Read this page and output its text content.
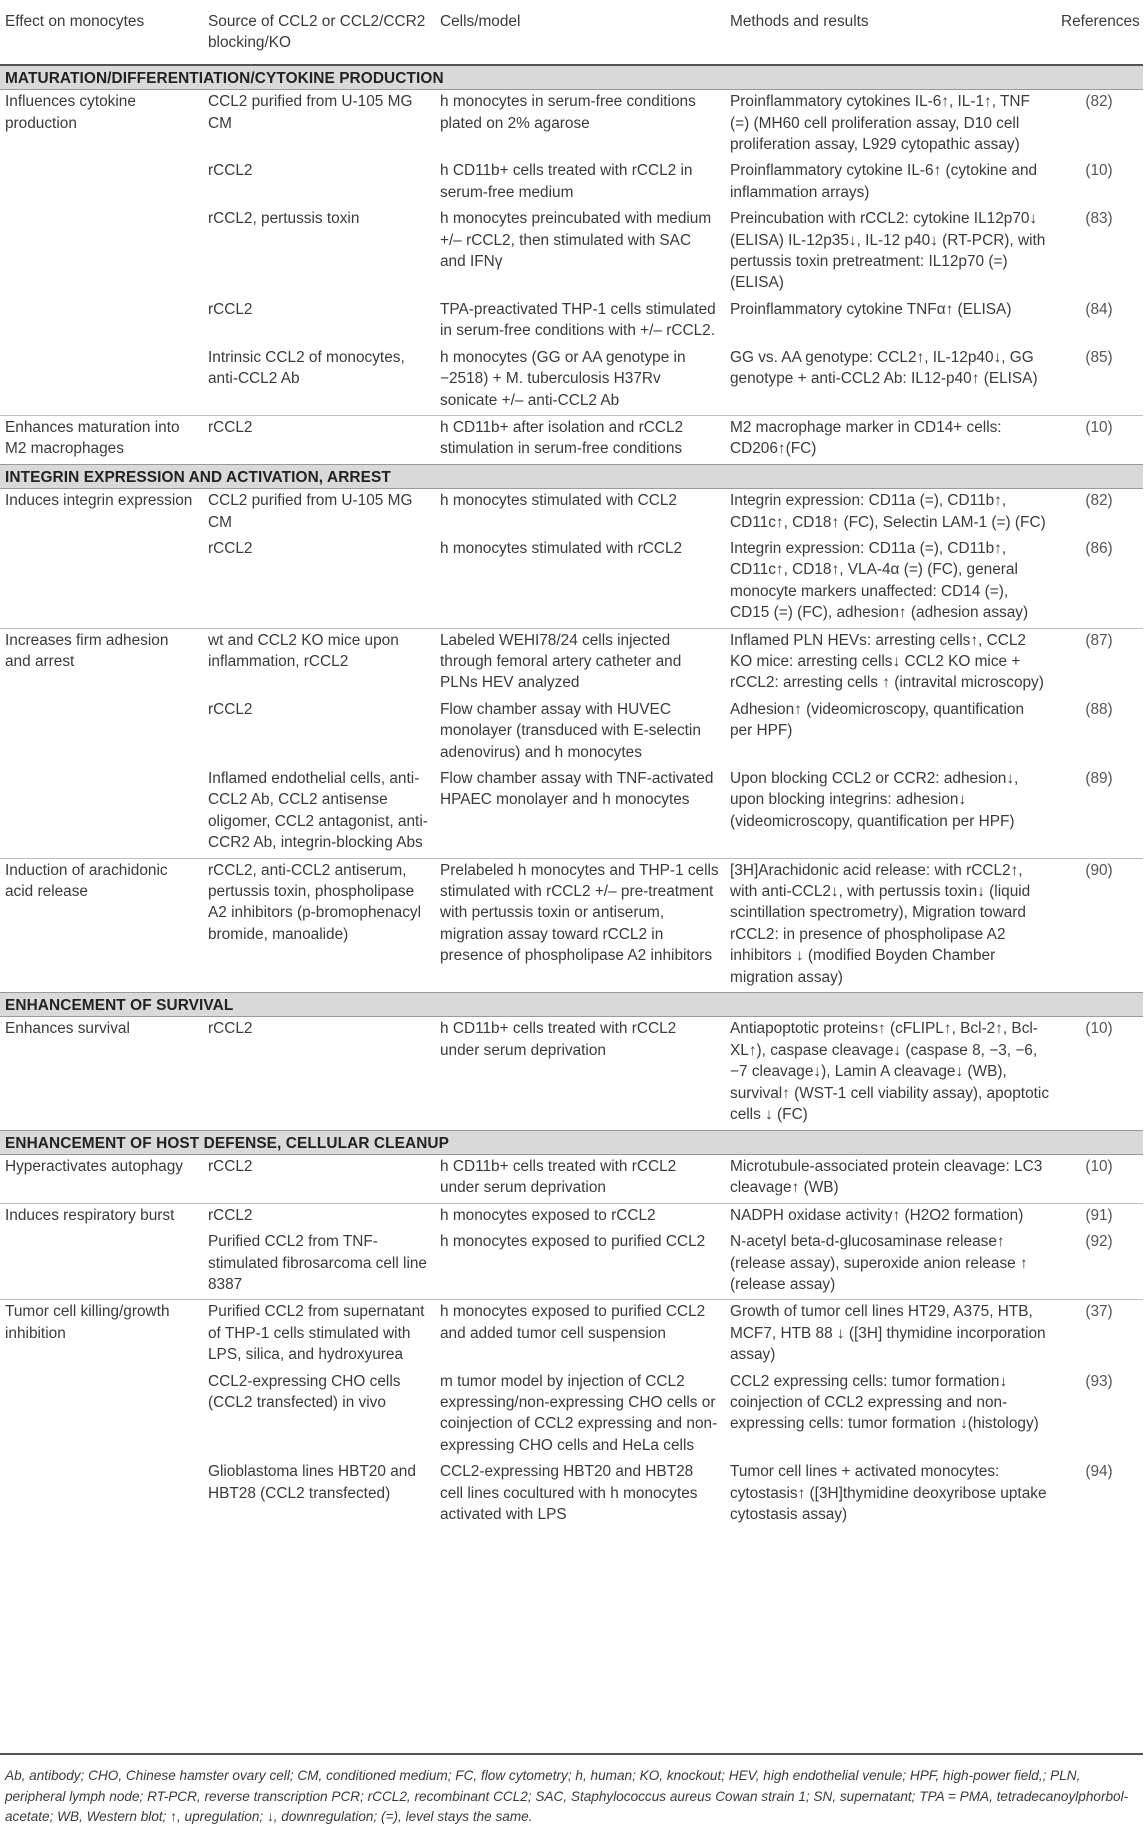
Effect on monocytes	Source of CCL2 or CCL2/CCR2 blocking/KO	Cells/model	Methods and results	References
MATURATION/DIFFERENTIATION/CYTOKINE PRODUCTION				
Influences cytokine production	CCL2 purified from U-105 MG CM	h monocytes in serum-free conditions plated on 2% agarose	Proinflammatory cytokines IL-6↑, IL-1↑, TNF (=) (MH60 cell proliferation assay, D10 cell proliferation assay, L929 cytopathic assay)	(82)
	rCCL2	h CD11b+ cells treated with rCCL2 in serum-free medium	Proinflammatory cytokine IL-6↑ (cytokine and inflammation arrays)	(10)
	rCCL2, pertussis toxin	h monocytes preincubated with medium +/– rCCL2, then stimulated with SAC and IFNγ	Preincubation with rCCL2: cytokine IL12p70↓ (ELISA) IL-12p35↓, IL-12 p40↓ (RT-PCR), with pertussis toxin pretreatment: IL12p70 (=) (ELISA)	(83)
	rCCL2	TPA-preactivated THP-1 cells stimulated in serum-free conditions with +/– rCCL2.	Proinflammatory cytokine TNFα↑ (ELISA)	(84)
	Intrinsic CCL2 of monocytes, anti-CCL2 Ab	h monocytes (GG or AA genotype in −2518) + M. tuberculosis H37Rv sonicate +/– anti-CCL2 Ab	GG vs. AA genotype: CCL2↑, IL-12p40↓, GG genotype + anti-CCL2 Ab: IL12-p40↑ (ELISA)	(85)
Enhances maturation into M2 macrophages	rCCL2	h CD11b+ after isolation and rCCL2 stimulation in serum-free conditions	M2 macrophage marker in CD14+ cells: CD206↑(FC)	(10)
INTEGRIN EXPRESSION AND ACTIVATION, ARREST				
Induces integrin expression	CCL2 purified from U-105 MG CM	h monocytes stimulated with CCL2	Integrin expression: CD11a (=), CD11b↑, CD11c↑, CD18↑ (FC), Selectin LAM-1 (=) (FC)	(82)
	rCCL2	h monocytes stimulated with rCCL2	Integrin expression: CD11a (=), CD11b↑, CD11c↑, CD18↑, VLA-4α (=) (FC), general monocyte markers unaffected: CD14 (=), CD15 (=) (FC), adhesion↑ (adhesion assay)	(86)
Increases firm adhesion and arrest	wt and CCL2 KO mice upon inflammation, rCCL2	Labeled WEHI78/24 cells injected through femoral artery catheter and PLNs HEV analyzed	Inflamed PLN HEVs: arresting cells↑, CCL2 KO mice: arresting cells↓ CCL2 KO mice + rCCL2: arresting cells ↑ (intravital microscopy)	(87)
	rCCL2	Flow chamber assay with HUVEC monolayer (transduced with E-selectin adenovirus) and h monocytes	Adhesion↑ (videomicroscopy, quantification per HPF)	(88)
	Inflamed endothelial cells, anti-CCL2 Ab, CCL2 antisense oligomer, CCL2 antagonist, anti-CCR2 Ab, integrin-blocking Abs	Flow chamber assay with TNF-activated HPAEC monolayer and h monocytes	Upon blocking CCL2 or CCR2: adhesion↓, upon blocking integrins: adhesion↓ (videomicroscopy, quantification per HPF)	(89)
Induction of arachidonic acid release	rCCL2, anti-CCL2 antiserum, pertussis toxin, phospholipase A2 inhibitors (p-bromophenacyl bromide, manoalide)	Prelabeled h monocytes and THP-1 cells stimulated with rCCL2 +/– pre-treatment with pertussis toxin or antiserum, migration assay toward rCCL2 in presence of phospholipase A2 inhibitors	[3H]Arachidonic acid release: with rCCL2↑, with anti-CCL2↓, with pertussis toxin↓ (liquid scintillation spectrometry), Migration toward rCCL2: in presence of phospholipase A2 inhibitors ↓ (modified Boyden Chamber migration assay)	(90)
ENHANCEMENT OF SURVIVAL				
Enhances survival	rCCL2	h CD11b+ cells treated with rCCL2 under serum deprivation	Antiapoptotic proteins↑ (cFLIPL↑, Bcl-2↑, Bcl-XL↑), caspase cleavage↓ (caspase 8, −3, −6, −7 cleavage↓), Lamin A cleavage↓ (WB), survival↑ (WST-1 cell viability assay), apoptotic cells ↓ (FC)	(10)
ENHANCEMENT OF HOST DEFENSE, CELLULAR CLEANUP				
Hyperactivates autophagy	rCCL2	h CD11b+ cells treated with rCCL2 under serum deprivation	Microtubule-associated protein cleavage: LC3 cleavage↑ (WB)	(10)
Induces respiratory burst	rCCL2	h monocytes exposed to rCCL2	NADPH oxidase activity↑ (H2O2 formation)	(91)
	Purified CCL2 from TNF-stimulated fibrosarcoma cell line 8387	h monocytes exposed to purified CCL2	N-acetyl beta-d-glucosaminase release↑ (release assay), superoxide anion release ↑ (release assay)	(92)
Tumor cell killing/growth inhibition	Purified CCL2 from supernatant of THP-1 cells stimulated with LPS, silica, and hydroxyurea	h monocytes exposed to purified CCL2 and added tumor cell suspension	Growth of tumor cell lines HT29, A375, HTB, MCF7, HTB 88 ↓ ([3H] thymidine incorporation assay)	(37)
	CCL2-expressing CHO cells (CCL2 transfected) in vivo	m tumor model by injection of CCL2 expressing/non-expressing CHO cells or coinjection of CCL2 expressing and non-expressing CHO cells and HeLa cells	CCL2 expressing cells: tumor formation↓ coinjection of CCL2 expressing and non-expressing cells: tumor formation ↓(histology)	(93)
	Glioblastoma lines HBT20 and HBT28 (CCL2 transfected)	CCL2-expressing HBT20 and HBT28 cell lines cocultured with h monocytes activated with LPS	Tumor cell lines + activated monocytes: cytostasis↑ ([3H]thymidine deoxyribose uptake cytostasis assay)	(94)
Ab, antibody; CHO, Chinese hamster ovary cell; CM, conditioned medium; FC, flow cytometry; h, human; KO, knockout; HEV, high endothelial venule; HPF, high-power field,; PLN, peripheral lymph node; RT-PCR, reverse transcription PCR; rCCL2, recombinant CCL2; SAC, Staphylococcus aureus Cowan strain 1; SN, supernatant; TPA = PMA, tetradecanoylphorbol-acetate; WB, Western blot; ↑, upregulation; ↓, downregulation; (=), level stays the same.
